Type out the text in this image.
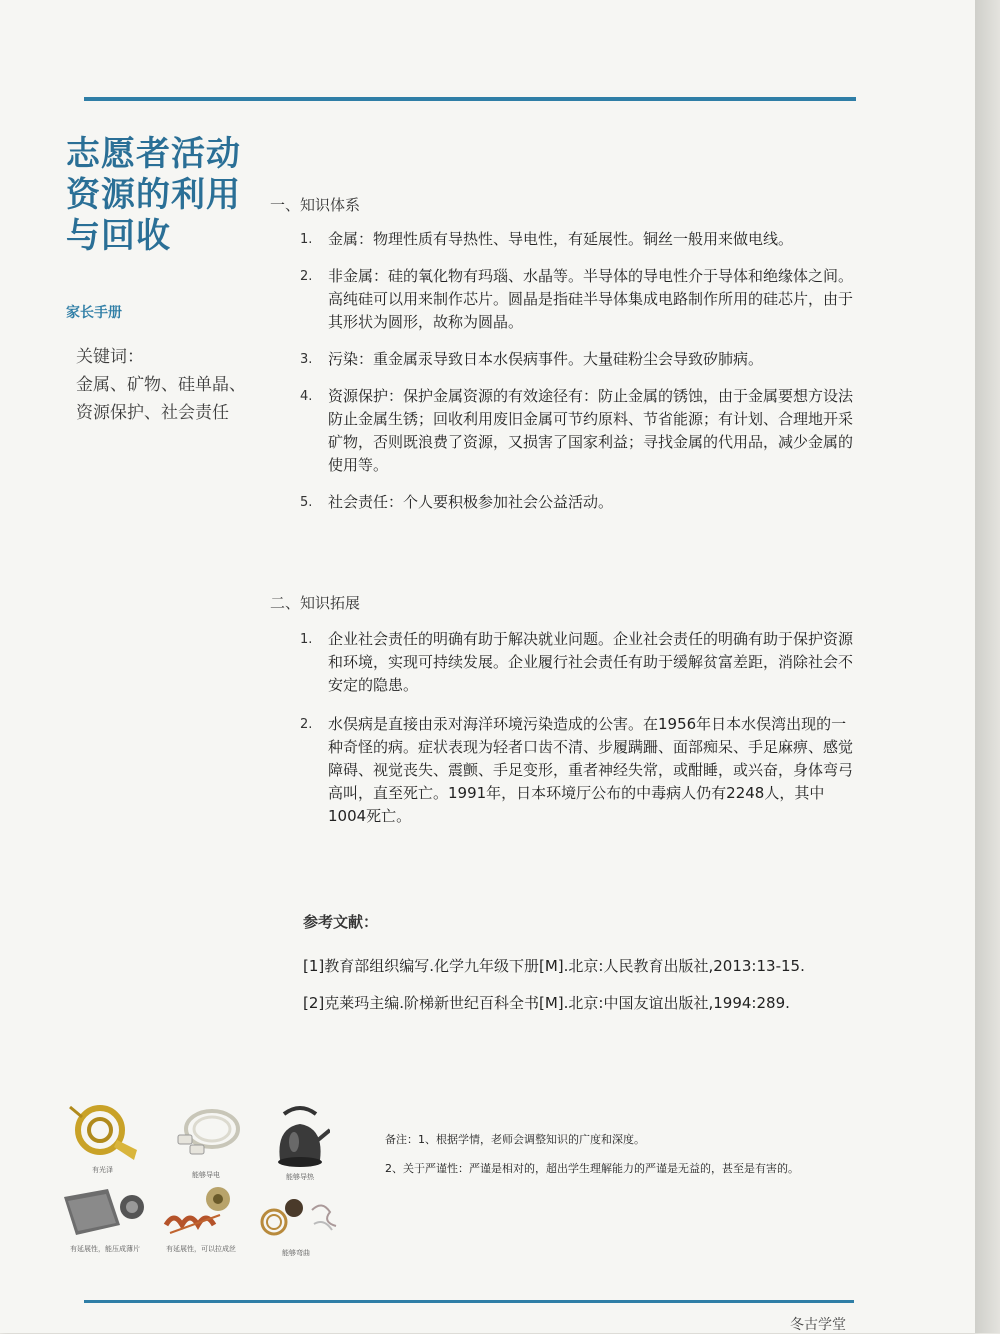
志愿者活动
资源的利用
与回收
家长手册
关键词：
金属、矿物、硅单晶、资源保护、社会责任
一、知识体系
1. 金属：物理性质有导热性、导电性，有延展性。铜丝一般用来做电线。
2. 非金属：硅的氧化物有玛瑙、水晶等。半导体的导电性介于导体和绝缘体之间。高纯硅可以用来制作芯片。圆晶是指硅半导体集成电路制作所用的硅芯片，由于其形状为圆形，故称为圆晶。
3. 污染：重金属汞导致日本水俣病事件。大量硅粉尘会导致矽肺病。
4. 资源保护：保护金属资源的有效途径有：防止金属的锈蚀，由于金属要想方设法防止金属生锈；回收利用废旧金属可节约原料、节省能源；有计划、合理地开采矿物，否则既浪费了资源，又损害了国家利益；寻找金属的代用品，减少金属的使用等。
5. 社会责任：个人要积极参加社会公益活动。
二、知识拓展
1. 企业社会责任的明确有助于解决就业问题。企业社会责任的明确有助于保护资源和环境，实现可持续发展。企业履行社会责任有助于缓解贫富差距，消除社会不安定的隐患。
2. 水俣病是直接由汞对海洋环境污染造成的公害。在1956年日本水俣湾出现的一种奇怪的病。症状表现为轻者口齿不清、步履蹒跚、面部痴呆、手足麻痹、感觉障碍、视觉丧失、震颤、手足变形，重者神经失常，或酣睡，或兴奋，身体弯弓高叫，直至死亡。1991年，日本环境厅公布的中毒病人仍有2248人，其中1004死亡。
参考文献：
[1]教育部组织编写.化学九年级下册[M].北京:人民教育出版社,2013:13-15.
[2]克莱玛主编.阶梯新世纪百科全书[M].北京:中国友谊出版社,1994:289.
有光泽
能够导电	能够导热
有延展性，能压成薄片	有延展性，可以拉成丝	能够弯曲
备注：1、根据学情，老师会调整知识的广度和深度。
2、关于严谨性：严谨是相对的，超出学生理解能力的严谨是无益的，甚至是有害的。
冬古学堂
